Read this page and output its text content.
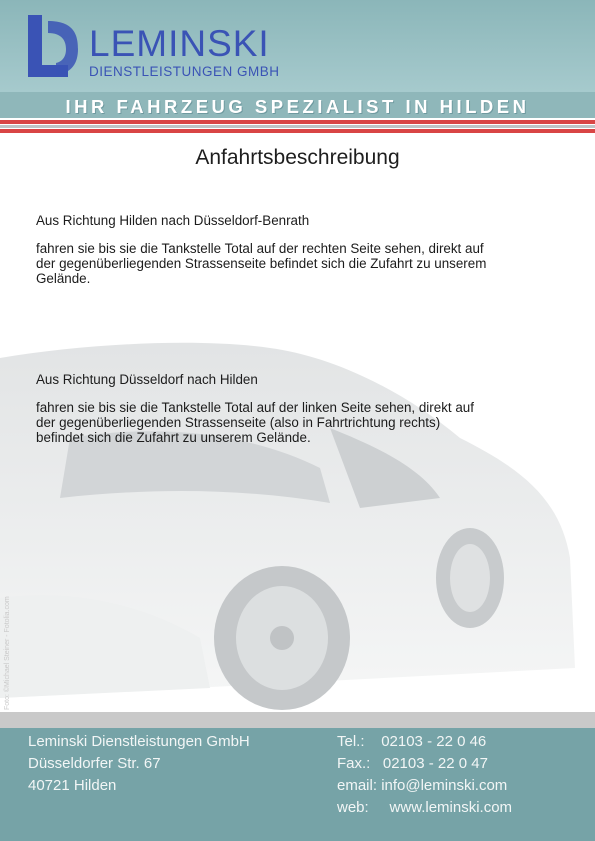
LEMINSKI
DIENSTLEISTUNGEN GMBH
IHR FAHRZEUG SPEZIALIST IN HILDEN
Anfahrtsbeschreibung
Foto: ©Michael Steiner - Fotolia.com

Aus Richtung Hilden nach Düsseldorf-Benrath

fahren sie bis sie die Tankstelle Total auf der rechten Seite sehen, direkt auf

der gegenüberliegenden Strassenseite befindet sich die Zufahrt zu unserem

Gelände.

Aus Richtung Düsseldorf nach Hilden

fahren sie bis sie die Tankstelle Total auf der linken Seite sehen, direkt auf

der gegenüberliegenden Strassenseite (also in Fahrtrichtung rechts)

befindet sich die Zufahrt zu unserem Gelände.

Leminski Dienstleistungen GmbH
Düsseldorfer Str. 67
40721 Hilden
Tel.: 02103 - 22 0 46
Fax.: 02103 - 22 0 47
email: info@leminski.com
web: www.leminski.com
